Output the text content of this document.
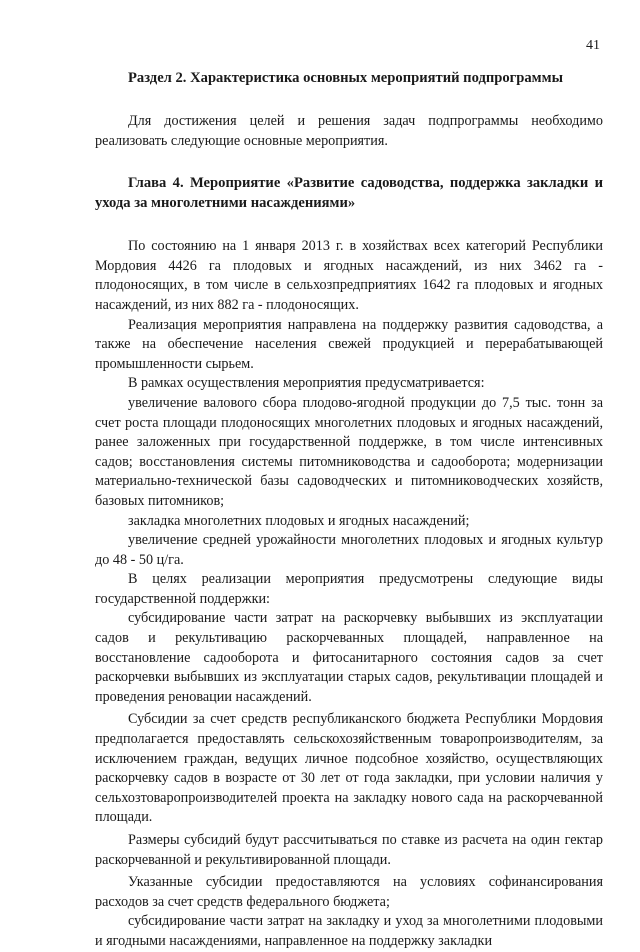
41
Раздел 2. Характеристика основных мероприятий подпрограммы

Для достижения целей и решения задач подпрограммы необходимо реализовать следующие основные мероприятия.

Глава 4. Мероприятие «Развитие садоводства, поддержка закладки и ухода за многолетними насаждениями»

По состоянию на 1 января 2013 г. в хозяйствах всех категорий Республики Мордовия 4426 га плодовых и ягодных насаждений, из них 3462 га - плодоносящих, в том числе в сельхозпредприятиях 1642 га плодовых и ягодных насаждений, из них 882 га - плодоносящих.

Реализация мероприятия направлена на поддержку развития садоводства, а также на обеспечение населения свежей продукцией и перерабатывающей промышленности сырьем.

В рамках осуществления мероприятия предусматривается:

увеличение валового сбора плодово-ягодной продукции до 7,5 тыс. тонн за счет роста площади плодоносящих многолетних плодовых и ягодных насаждений, ранее заложенных при государственной поддержке, в том числе интенсивных садов; восстановления системы питомниководства и садооборота; модернизации материально-технической базы садоводческих и питомниководческих хозяйств, базовых питомников;

закладка многолетних плодовых и ягодных насаждений;

увеличение средней урожайности многолетних плодовых и ягодных культур до 48 - 50 ц/га.

В целях реализации мероприятия предусмотрены следующие виды государственной поддержки:

субсидирование части затрат на раскорчевку выбывших из эксплуатации садов и рекультивацию раскорчеванных площадей, направленное на восстановление садооборота и фитосанитарного состояния садов за счет раскорчевки выбывших из эксплуатации старых садов, рекультивации площадей и проведения реновации насаждений.

Субсидии за счет средств республиканского бюджета Республики Мордовия предполагается предоставлять сельскохозяйственным товаропроизводителям, за исключением граждан, ведущих личное подсобное хозяйство, осуществляющих раскорчевку садов в возрасте от 30 лет от года закладки, при условии наличия у сельхозтоваропроизводителей проекта на закладку нового сада на раскорчеванной площади.

Размеры субсидий будут рассчитываться по ставке из расчета на один гектар раскорчеванной и рекультивированной площади.

Указанные субсидии предоставляются на условиях софинансирования расходов за счет средств федерального бюджета;

субсидирование части затрат на закладку и уход за многолетними плодовыми и ягодными насаждениями, направленное на поддержку закладки
